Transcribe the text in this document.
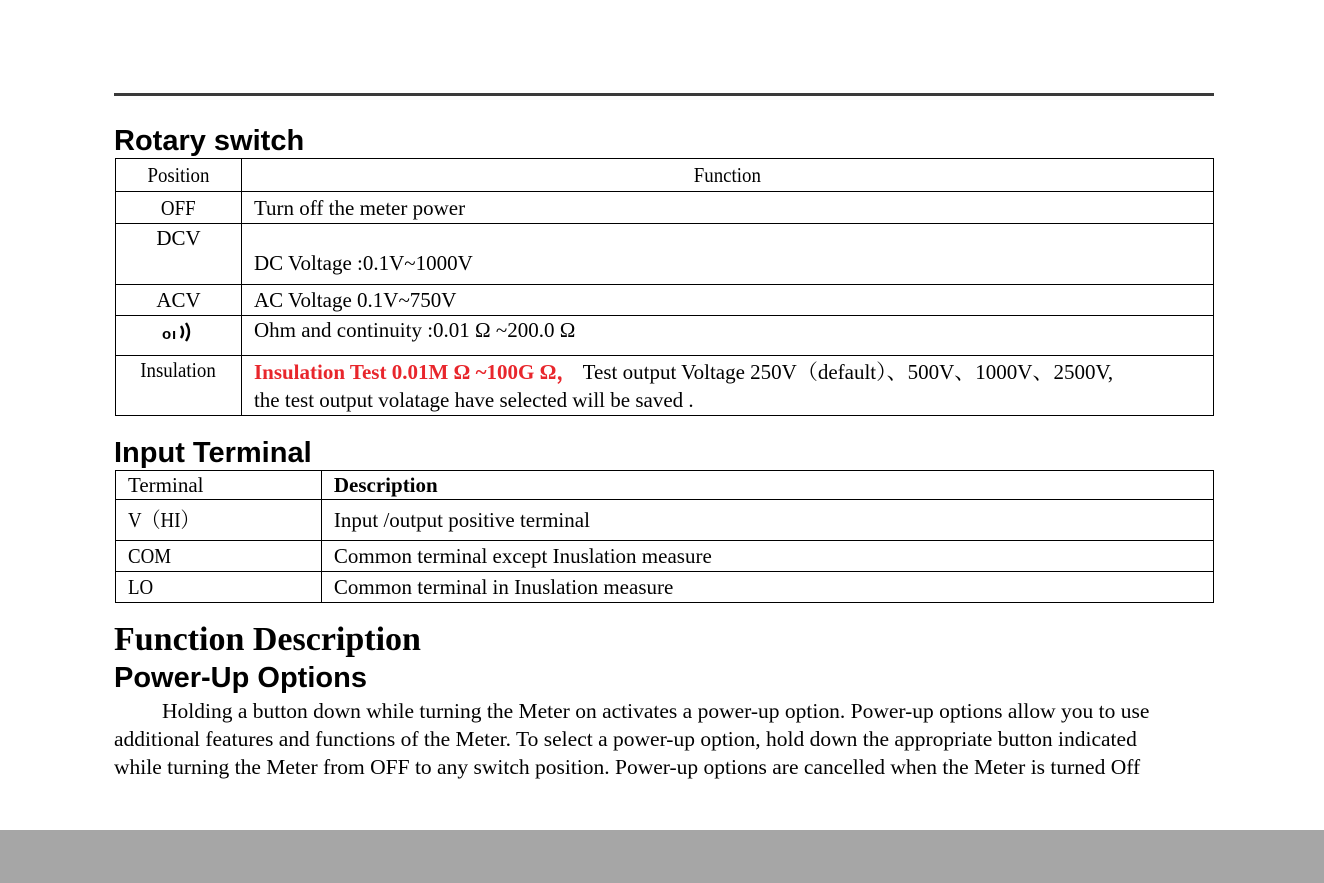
Rotary switch
Position	Function
OFF	Turn off the meter power
DCV	DC Voltage :0.1V~1000V
ACV	AC Voltage 0.1V~750V

o ı	Ohm and continuity :0.01 Ω ~200.0 Ω
Insulation	Insulation Test 0.01M Ω ~100G Ω， Test output Voltage 250V（default）、500V、1000V、2500V,
the test output volatage have selected will be saved .
Input Terminal
Terminal	Description
V（HI）	Input /output positive terminal
COM	Common terminal except Inuslation measure
LO	Common terminal in Inuslation measure
Function Description
Power-Up Options

Holding a button down while turning the Meter on activates a power-up option. Power-up options allow you to use
additional features and functions of the Meter. To select a power-up option, hold down the appropriate button indicated
while turning the Meter from OFF to any switch position. Power-up options are cancelled when the Meter is turned Off
